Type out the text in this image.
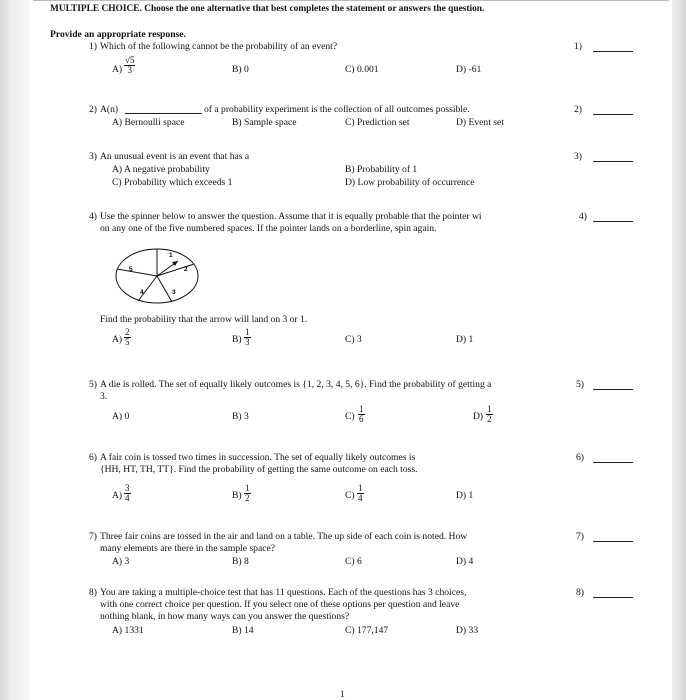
MULTIPLE CHOICE. Choose the one alternative that best completes the statement or answers the question.
Provide an appropriate response.
1) Which of the following cannot be the probability of an event?	1)
$A) \frac{√5}{3}$	B) 0	C) 0.001	D) -61
2) A(n)	of a probability experiment is the collection of all outcomes possible.	2)
A) Bernoulli space	B) Sample space	C) Prediction set	D) Event set
3) An unusual event is an event that has a	3)
A) A negative probability	B) Probability of 1
C) Probability which exceeds 1	D) Low probability of occurrence
4) Use the spinner below to answer the question. Assume that it is equally probable that the pointer wi
on any one of the five numbered spaces. If the pointer lands on a borderline, spin again.
4)
1
2
3
4
5
Find the probability that the arrow will land on 3 or 1.
$A) \frac{2}{5}$	$B) \frac{1}{3}$	C) 3	D) 1
5) A die is rolled. The set of equally likely outcomes is {1, 2, 3, 4, 5, 6}. Find the probability of getting a
3.
5)
A) 0	B) 3	$C) \frac{1}{6}$	$D) \frac{1}{2}$
6) A fair coin is tossed two times in succession. The set of equally likely outcomes is
{HH, HT, TH, TT}. Find the probability of getting the same outcome on each toss.
6)
$A) \frac{3}{4}$	$B) \frac{1}{2}$	$C) \frac{1}{4}$	D) 1
7) Three fair coins are tossed in the air and land on a table. The up side of each coin is noted. How
many elements are there in the sample space?
7)
A) 3	B) 8	C) 6	D) 4
8) You are taking a multiple-choice test that has 11 questions. Each of the questions has 3 choices,
with one correct choice per question. If you select one of these options per question and leave
nothing blank, in how many ways can you answer the questions?
8)
A) 1331	B) 14	C) 177,147	D) 33
1
